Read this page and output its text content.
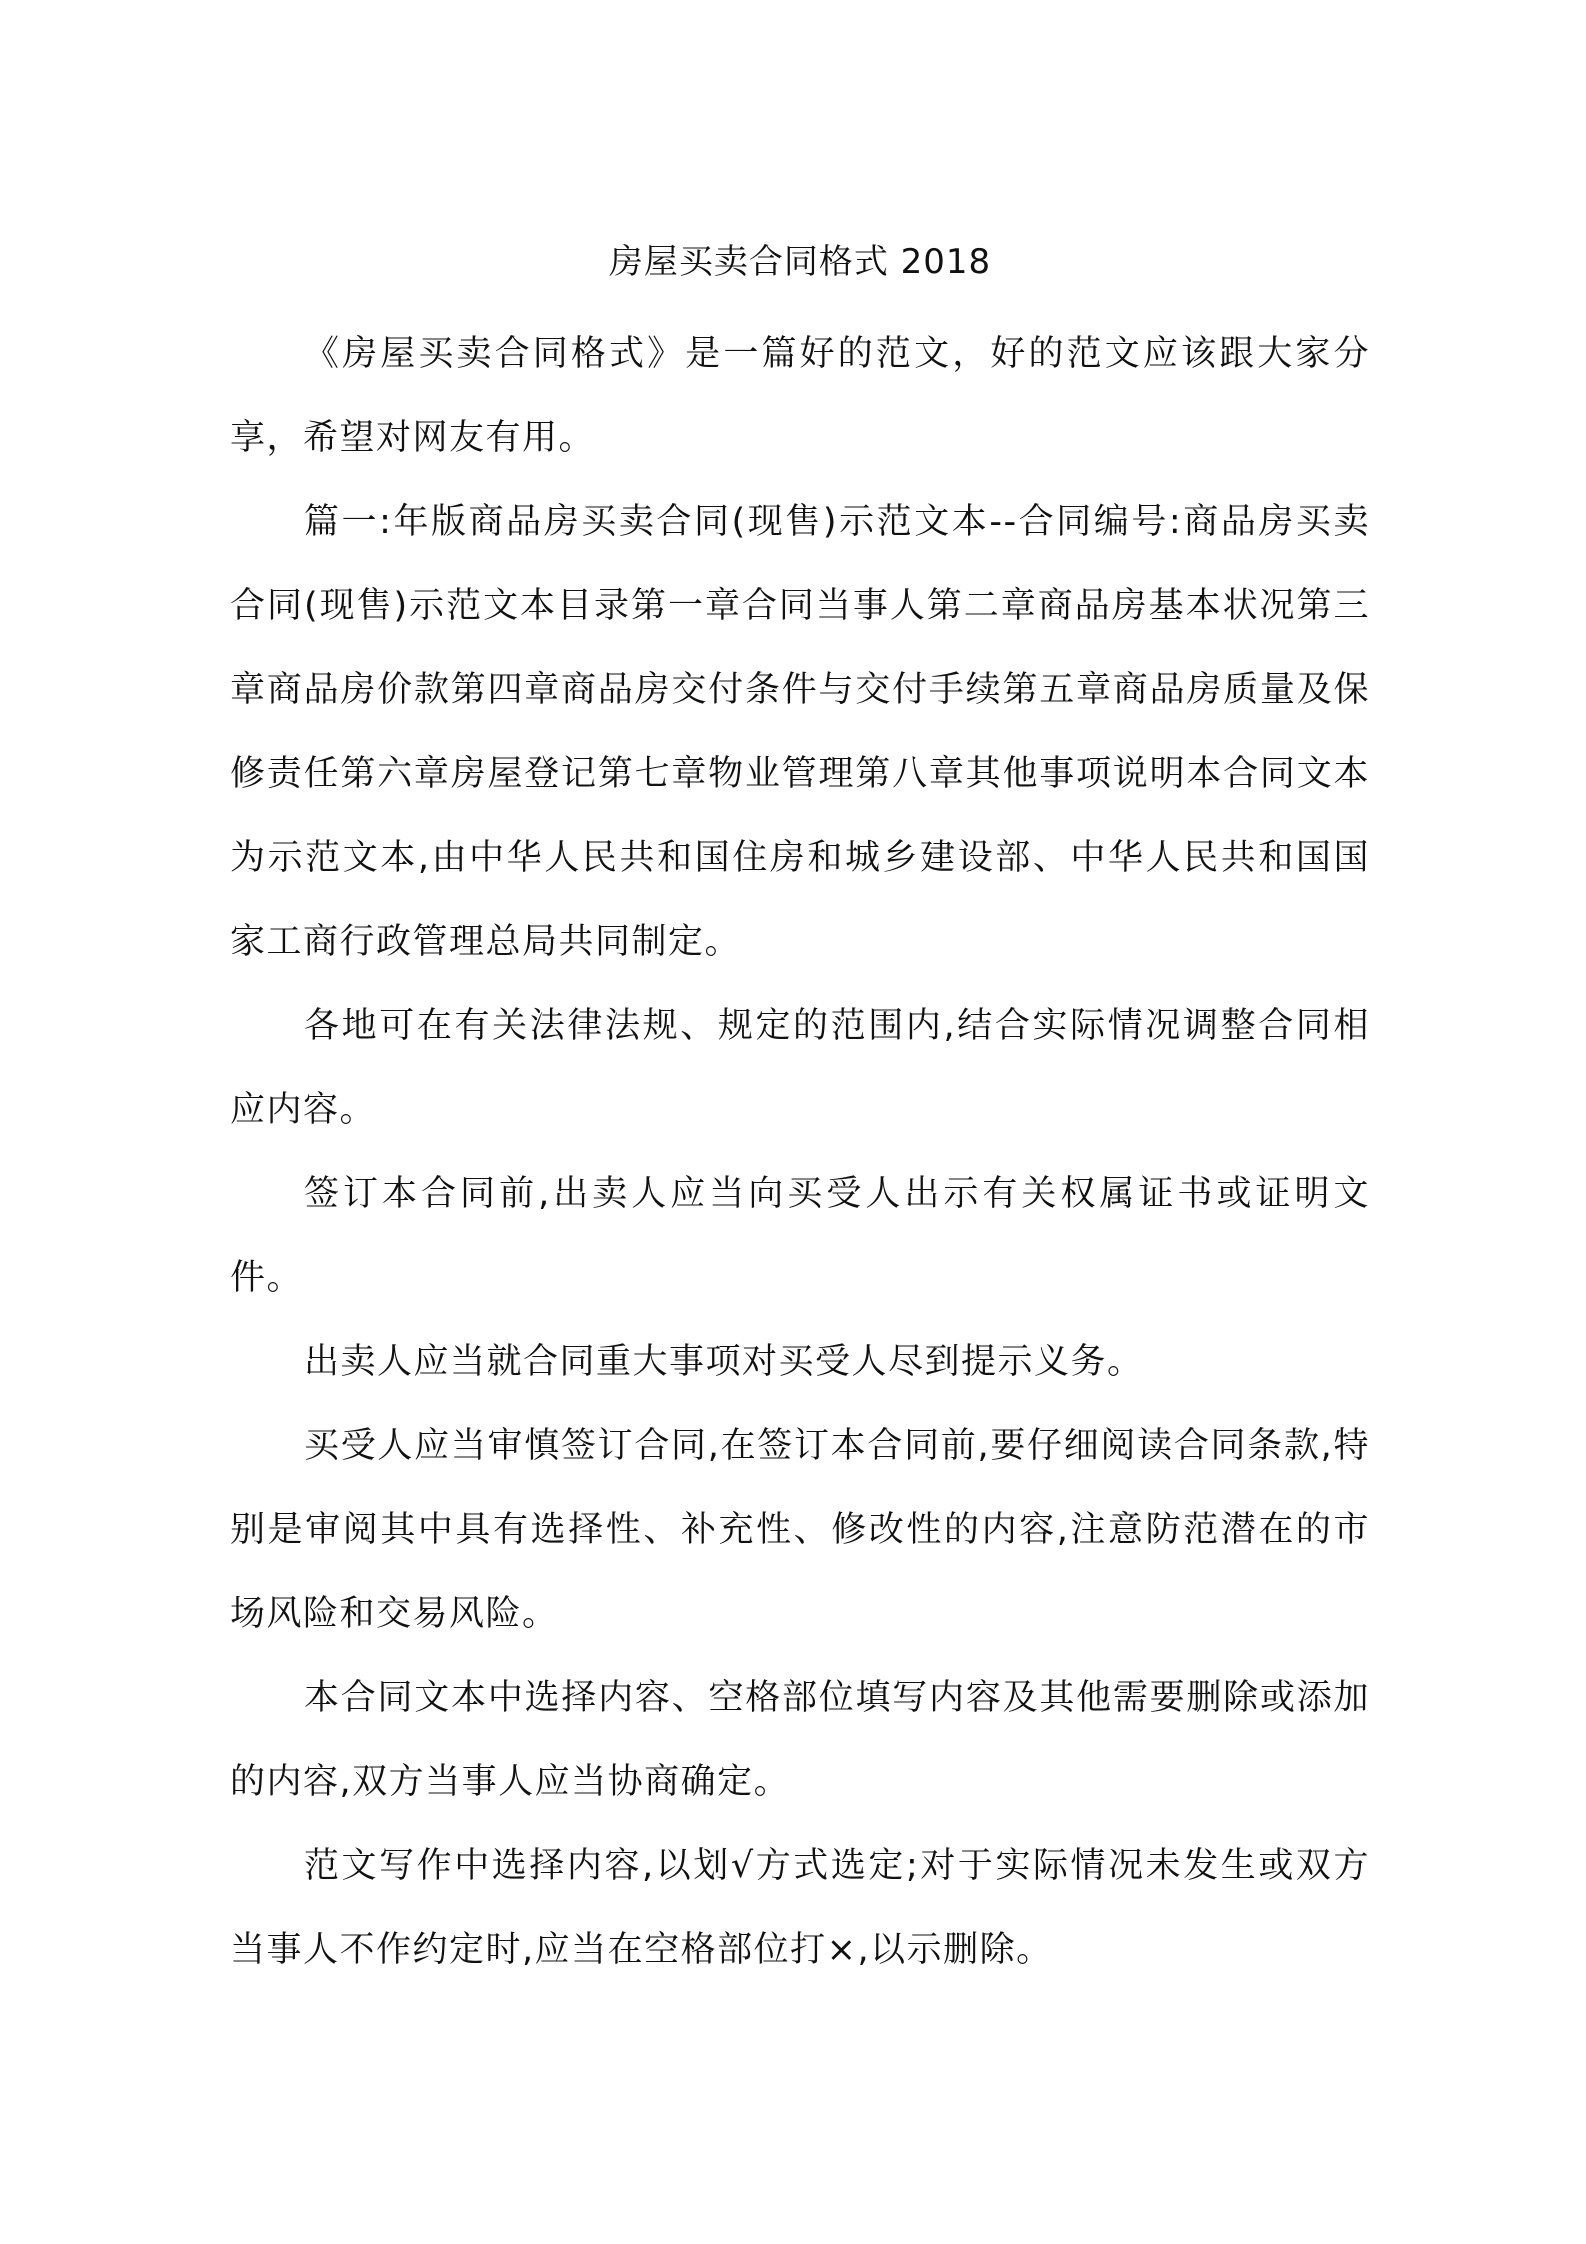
房屋买卖合同格式 2018

《房屋买卖合同格式》是一篇好的范文，好的范文应该跟大家分享，希望对网友有用。

篇一:年版商品房买卖合同(现售)示范文本--合同编号:商品房买卖合同(现售)示范文本目录第一章合同当事人第二章商品房基本状况第三章商品房价款第四章商品房交付条件与交付手续第五章商品房质量及保修责任第六章房屋登记第七章物业管理第八章其他事项说明本合同文本为示范文本,由中华人民共和国住房和城乡建设部、中华人民共和国国家工商行政管理总局共同制定。

各地可在有关法律法规、规定的范围内,结合实际情况调整合同相应内容。

签订本合同前,出卖人应当向买受人出示有关权属证书或证明文件。

出卖人应当就合同重大事项对买受人尽到提示义务。

买受人应当审慎签订合同,在签订本合同前,要仔细阅读合同条款,特别是审阅其中具有选择性、补充性、修改性的内容,注意防范潜在的市场风险和交易风险。

本合同文本中选择内容、空格部位填写内容及其他需要删除或添加的内容,双方当事人应当协商确定。

范文写作中选择内容,以划√方式选定;对于实际情况未发生或双方当事人不作约定时,应当在空格部位打×,以示删除。
